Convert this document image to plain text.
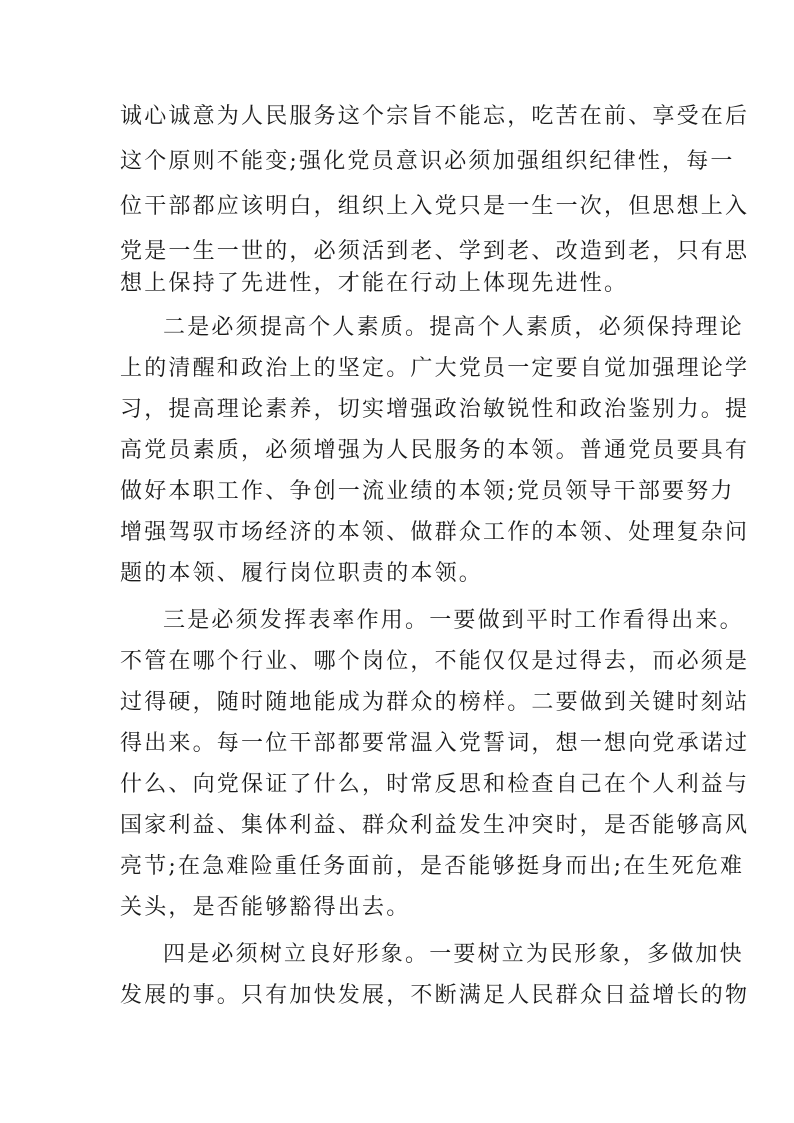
诚心诚意为人民服务这个宗旨不能忘，吃苦在前、享受在后
这个原则不能变;强化党员意识必须加强组织纪律性，每一
位干部都应该明白，组织上入党只是一生一次，但思想上入
党是一生一世的，必须活到老、学到老、改造到老，只有思
想上保持了先进性，才能在行动上体现先进性。
二是必须提高个人素质。提高个人素质，必须保持理论
上的清醒和政治上的坚定。广大党员一定要自觉加强理论学
习，提高理论素养，切实增强政治敏锐性和政治鉴别力。提
高党员素质，必须增强为人民服务的本领。普通党员要具有
做好本职工作、争创一流业绩的本领;党员领导干部要努力
增强驾驭市场经济的本领、做群众工作的本领、处理复杂问
题的本领、履行岗位职责的本领。
三是必须发挥表率作用。一要做到平时工作看得出来。
不管在哪个行业、哪个岗位，不能仅仅是过得去，而必须是
过得硬，随时随地能成为群众的榜样。二要做到关键时刻站
得出来。每一位干部都要常温入党誓词，想一想向党承诺过
什么、向党保证了什么，时常反思和检查自己在个人利益与
国家利益、集体利益、群众利益发生冲突时，是否能够高风
亮节;在急难险重任务面前，是否能够挺身而出;在生死危难
关头，是否能够豁得出去。
四是必须树立良好形象。一要树立为民形象，多做加快
发展的事。只有加快发展，不断满足人民群众日益增长的物
